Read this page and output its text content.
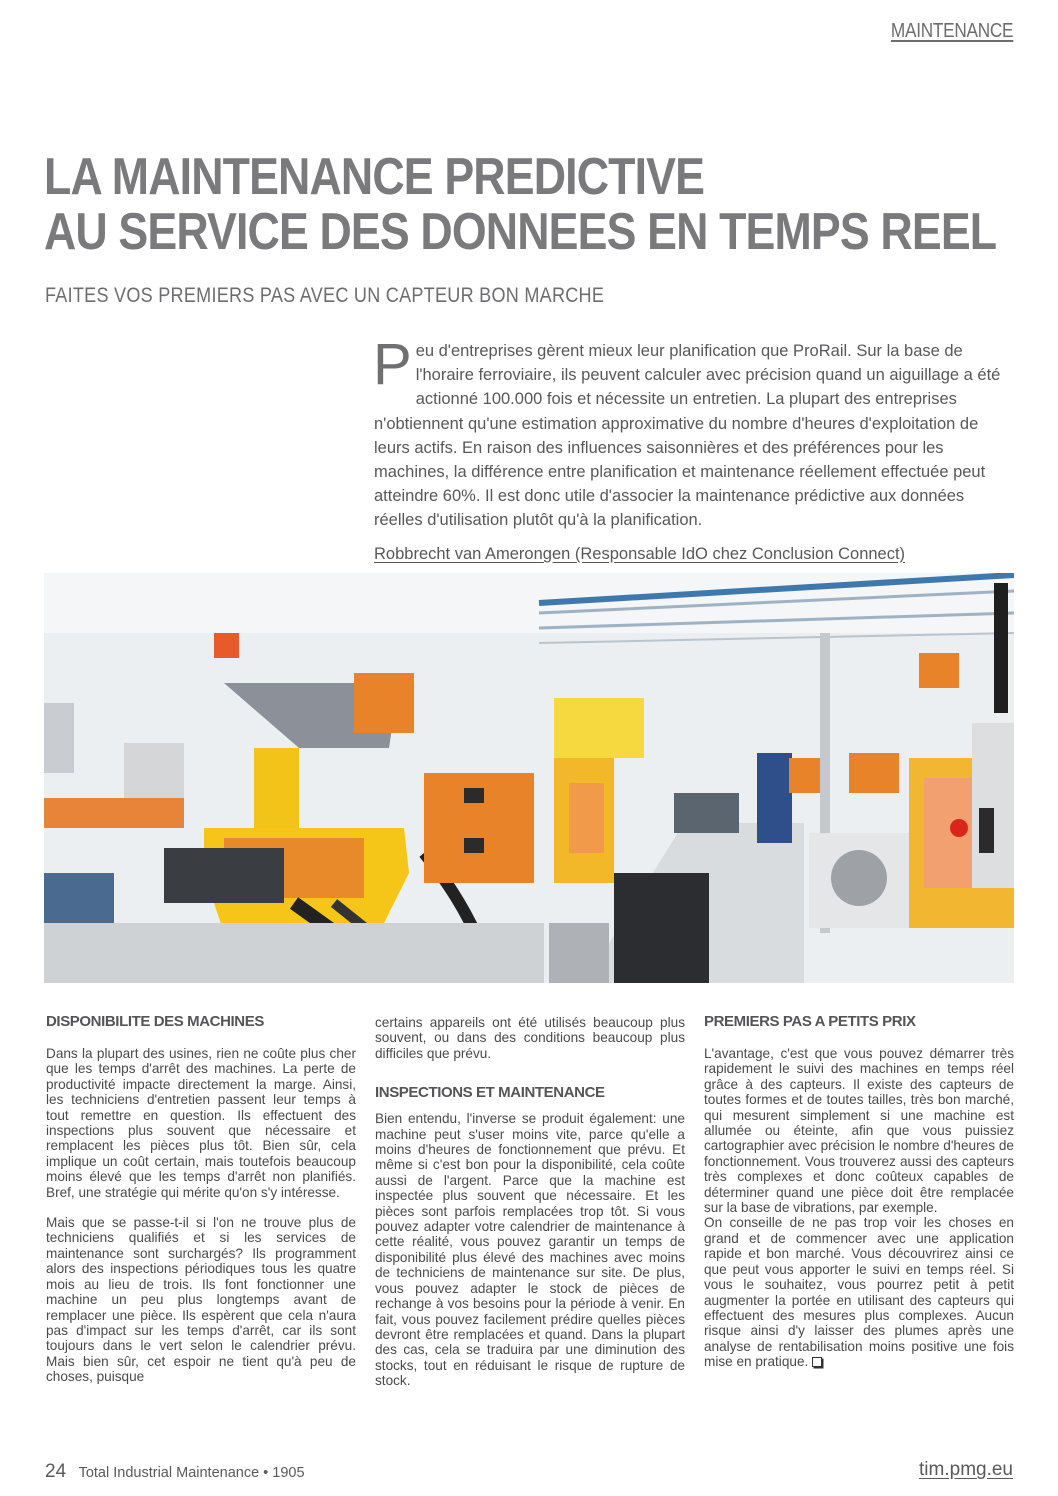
MAINTENANCE
LA MAINTENANCE PREDICTIVE
AU SERVICE DES DONNEES EN TEMPS REEL
FAITES VOS PREMIERS PAS AVEC UN CAPTEUR BON MARCHE
P eu d'entreprises gèrent mieux leur planification que ProRail. Sur la base de l'horaire ferroviaire, ils peuvent calculer avec précision quand un aiguillage a été actionné 100.000 fois et nécessite un entretien. La plupart des entreprises n'obtiennent qu'une estimation approximative du nombre d'heures d'exploitation de leurs actifs. En raison des influences saisonnières et des préférences pour les machines, la différence entre planification et maintenance réellement effectuée peut atteindre 60%. Il est donc utile d'associer la maintenance prédictive aux données réelles d'utilisation plutôt qu'à la planification.
Robbrecht van Amerongen (Responsable IdO chez Conclusion Connect)
DISPONIBILITE DES MACHINES

Dans la plupart des usines, rien ne coûte plus cher que les temps d'arrêt des machines. La perte de productivité impacte directement la marge. Ainsi, les techniciens d'entretien passent leur temps à tout remettre en question. Ils effectuent des inspections plus souvent que nécessaire et remplacent les pièces plus tôt. Bien sûr, cela implique un coût certain, mais toutefois beaucoup moins élevé que les temps d'arrêt non planifiés. Bref, une stratégie qui mérite qu'on s'y intéresse.

Mais que se passe-t-il si l'on ne trouve plus de techniciens qualifiés et si les services de maintenance sont surchargés? Ils programment alors des inspections périodiques tous les quatre mois au lieu de trois. Ils font fonctionner une machine un peu plus longtemps avant de remplacer une pièce. Ils espèrent que cela n'aura pas d'impact sur les temps d'arrêt, car ils sont toujours dans le vert selon le calendrier prévu. Mais bien sûr, cet espoir ne tient qu'à peu de choses, puisque

certains appareils ont été utilisés beaucoup plus souvent, ou dans des conditions beaucoup plus difficiles que prévu.

INSPECTIONS ET MAINTENANCE

Bien entendu, l'inverse se produit également: une machine peut s'user moins vite, parce qu'elle a moins d'heures de fonctionnement que prévu. Et même si c'est bon pour la disponibilité, cela coûte aussi de l'argent. Parce que la machine est inspectée plus souvent que nécessaire. Et les pièces sont parfois remplacées trop tôt. Si vous pouvez adapter votre calendrier de maintenance à cette réalité, vous pouvez garantir un temps de disponibilité plus élevé des machines avec moins de techniciens de maintenance sur site. De plus, vous pouvez adapter le stock de pièces de rechange à vos besoins pour la période à venir. En fait, vous pouvez facilement prédire quelles pièces devront être remplacées et quand. Dans la plupart des cas, cela se traduira par une diminution des stocks, tout en réduisant le risque de rupture de stock.

PREMIERS PAS A PETITS PRIX

L'avantage, c'est que vous pouvez démarrer très rapidement le suivi des machines en temps réel grâce à des capteurs. Il existe des capteurs de toutes formes et de toutes tailles, très bon marché, qui mesurent simplement si une machine est allumée ou éteinte, afin que vous puissiez cartographier avec précision le nombre d'heures de fonctionnement. Vous trouverez aussi des capteurs très complexes et donc coûteux capables de déterminer quand une pièce doit être remplacée sur la base de vibrations, par exemple.

On conseille de ne pas trop voir les choses en grand et de commencer avec une application rapide et bon marché. Vous découvrirez ainsi ce que peut vous apporter le suivi en temps réel. Si vous le souhaitez, vous pourrez petit à petit augmenter la portée en utilisant des capteurs qui effectuent des mesures plus complexes. Aucun risque ainsi d'y laisser des plumes après une analyse de rentabilisation moins positive une fois mise en pratique.

24 Total Industrial Maintenance • 1905	tim.pmg.eu
